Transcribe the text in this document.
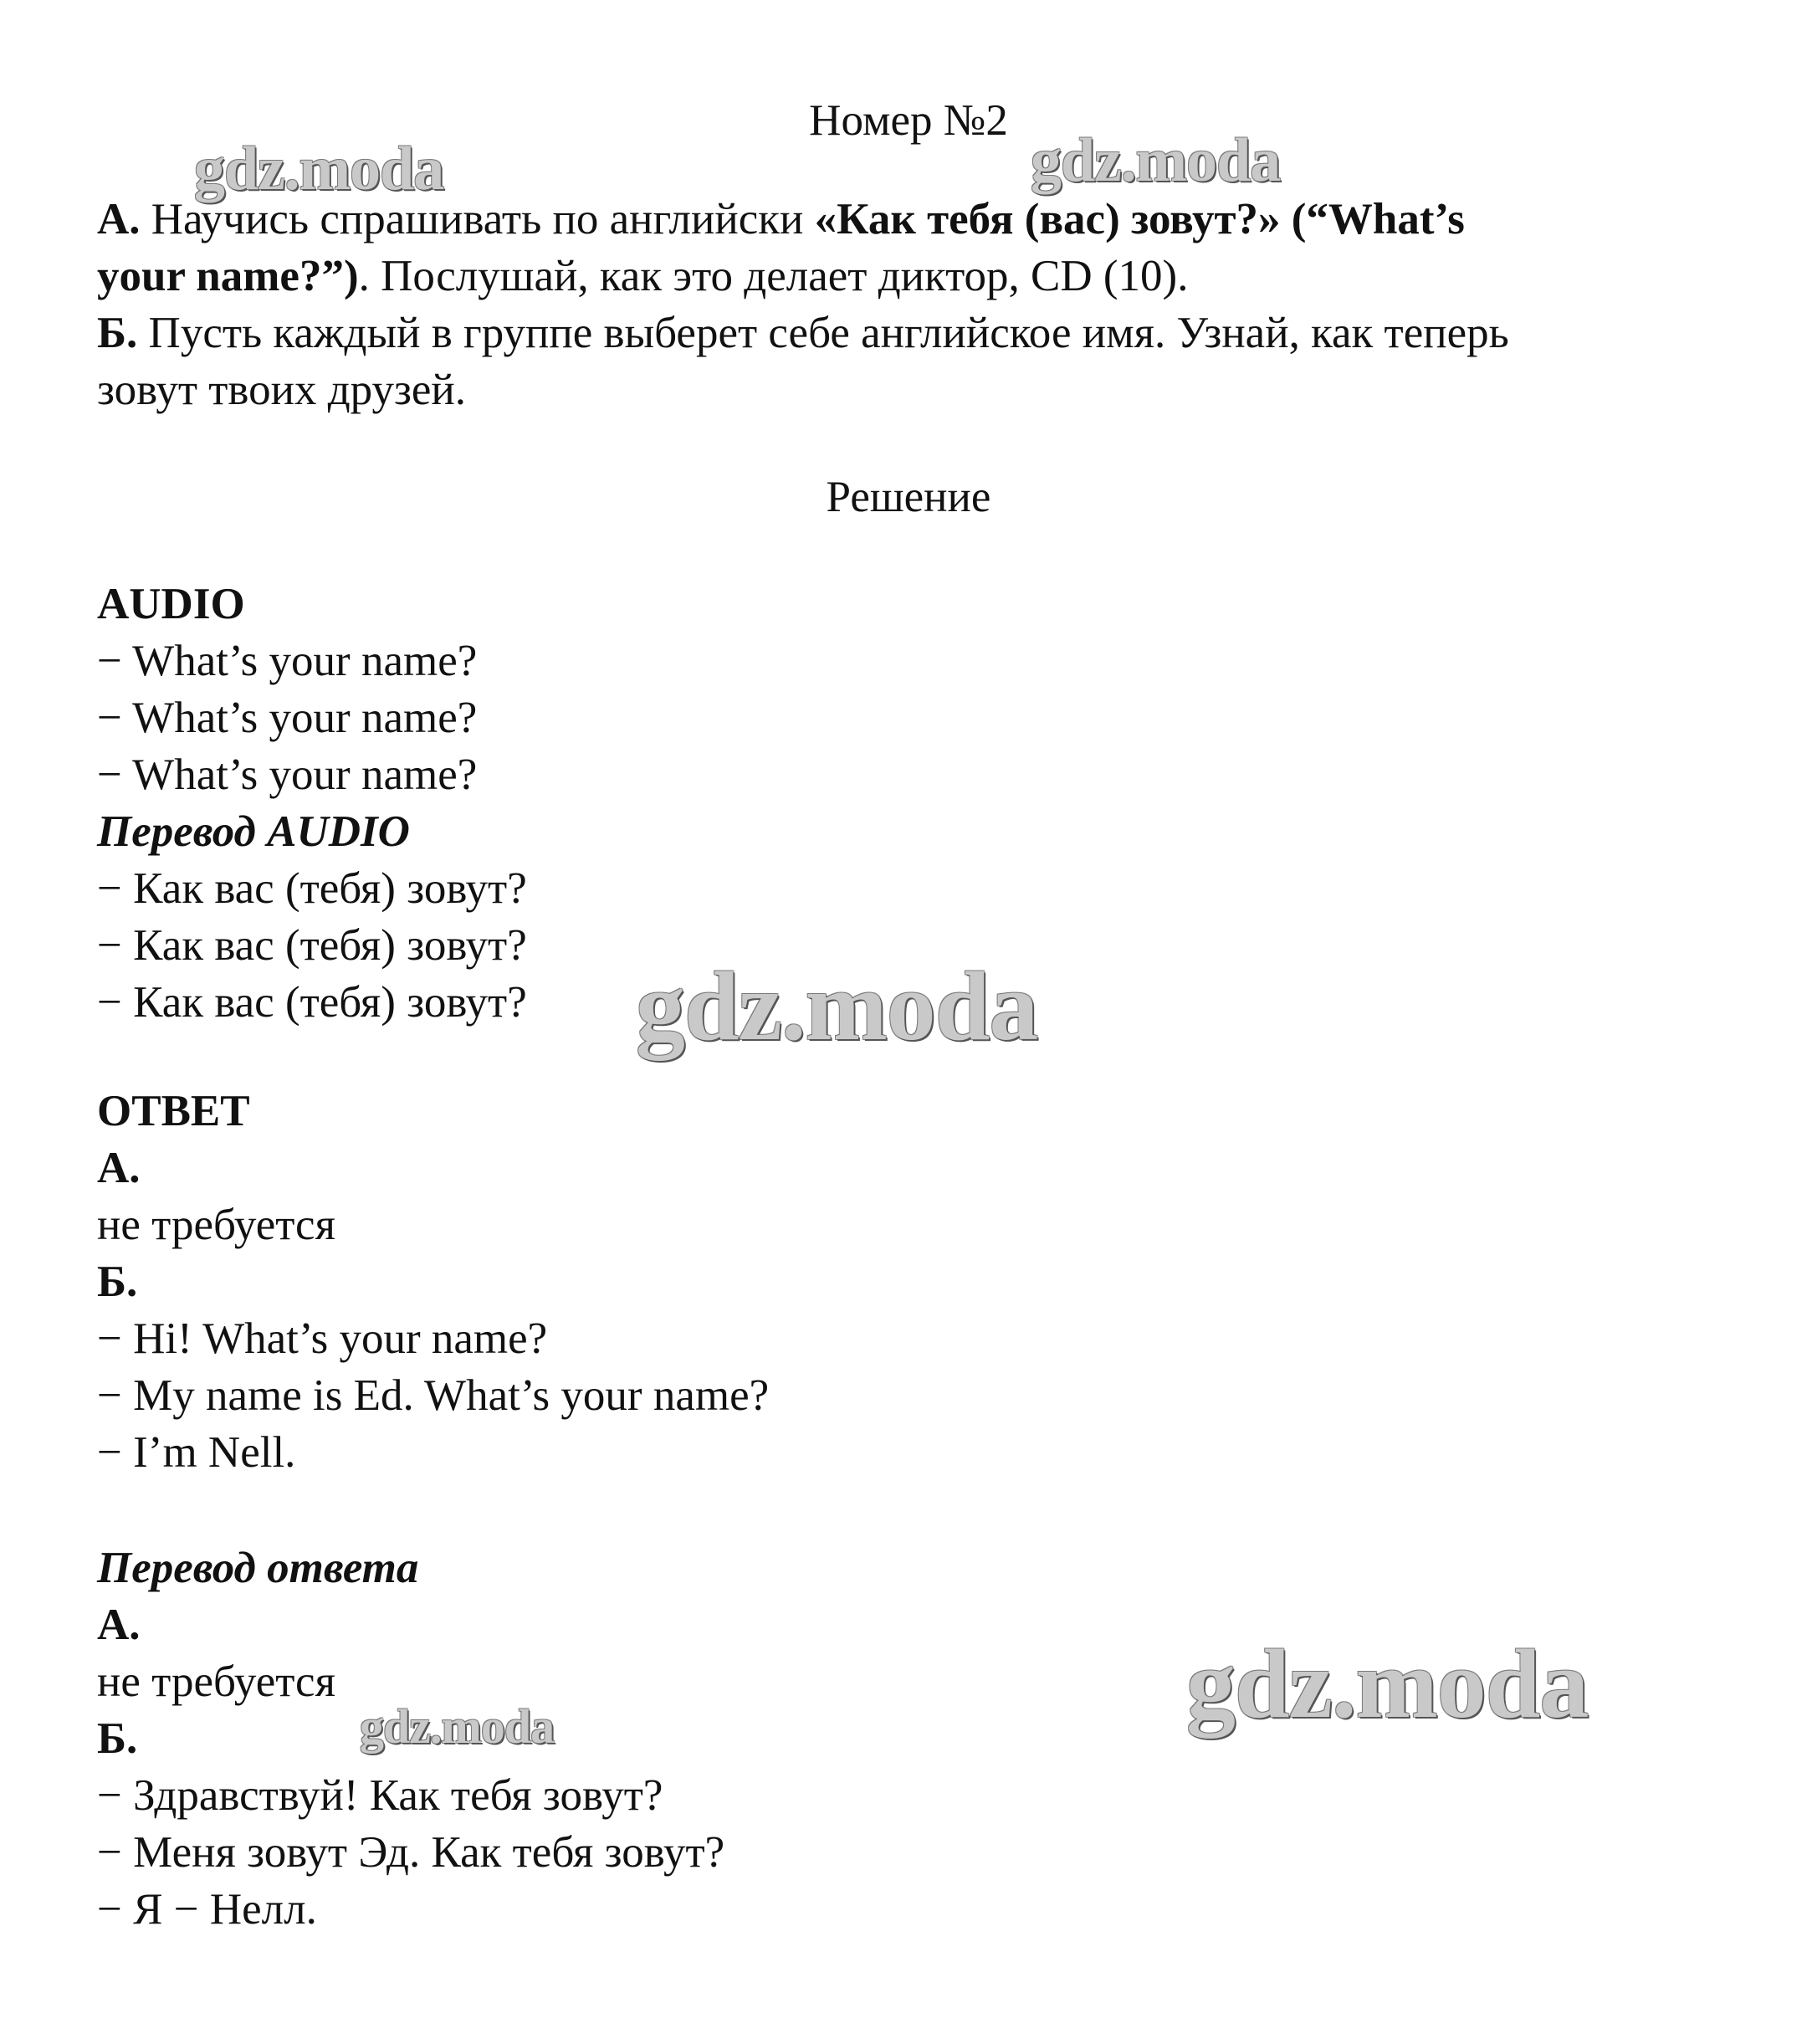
gdz.moda	gdz.moda
gdz.moda
gdz.moda
gdz.moda

Номер №2

А. Научись спрашивать по английски «Как тебя (вас) зовут?» (“What’s

your name?”). Послушай, как это делает диктор, CD (10).

Б. Пусть каждый в группе выберет себе английское имя. Узнай, как теперь

зовут твоих друзей.

Решение

AUDIO

− What’s your name?

− What’s your name?

− What’s your name?

Перевод AUDIO

− Как вас (тебя) зовут?

− Как вас (тебя) зовут?

− Как вас (тебя) зовут?

ОТВЕТ

А.

не требуется

Б.

− Hi! What’s your name?

− My name is Ed. What’s your name?

− I’m Nell.

Перевод ответа

А.

не требуется

Б.

− Здравствуй! Как тебя зовут?

− Меня зовут Эд. Как тебя зовут?

− Я − Нелл.
